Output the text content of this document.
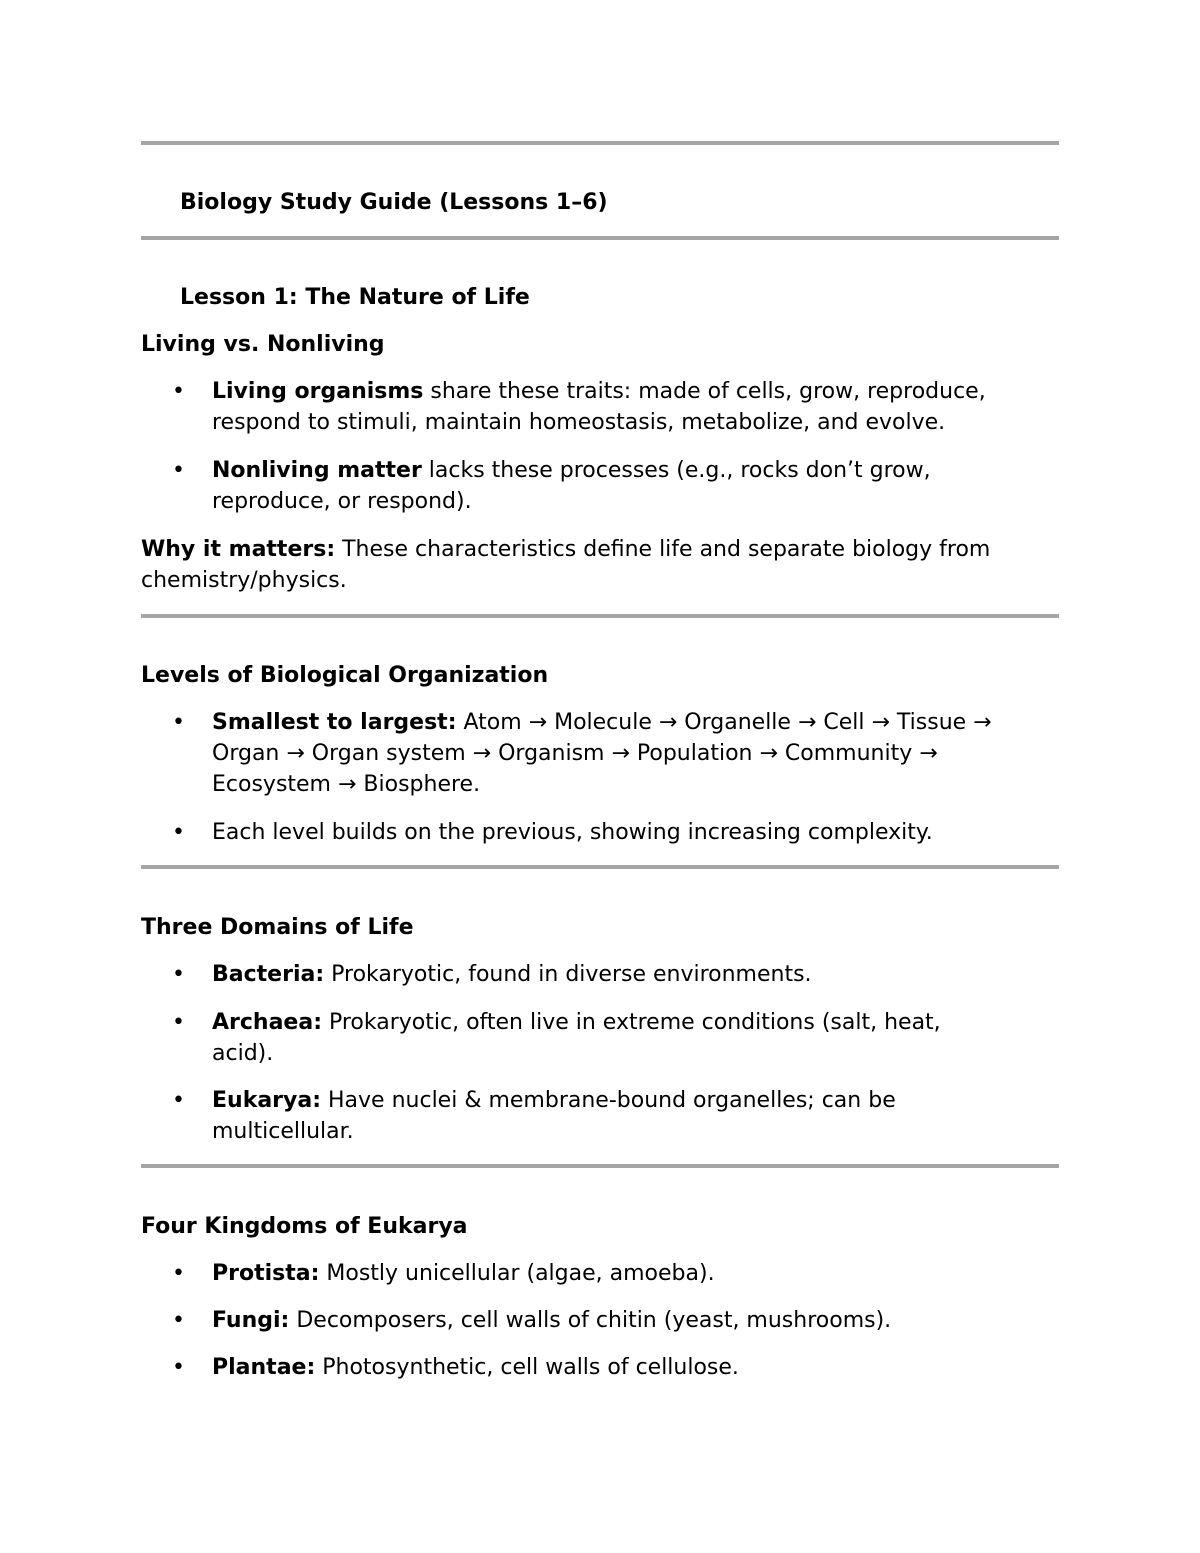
Biology Study Guide (Lessons 1–6)
Lesson 1: The Nature of Life
Living vs. Nonliving
• Living organisms share these traits: made of cells, grow, reproduce,
respond to stimuli, maintain homeostasis, metabolize, and evolve.
• Nonliving matter lacks these processes (e.g., rocks don’t grow,
reproduce, or respond).
Why it matters: These characteristics define life and separate biology from
chemistry/physics.
Levels of Biological Organization
• Smallest to largest: Atom → Molecule → Organelle → Cell → Tissue →
Organ → Organ system → Organism → Population → Community →
Ecosystem → Biosphere.
• Each level builds on the previous, showing increasing complexity.
Three Domains of Life
• Bacteria: Prokaryotic, found in diverse environments.
• Archaea: Prokaryotic, often live in extreme conditions (salt, heat,
acid).
• Eukarya: Have nuclei & membrane-bound organelles; can be
multicellular.
Four Kingdoms of Eukarya
• Protista: Mostly unicellular (algae, amoeba).
• Fungi: Decomposers, cell walls of chitin (yeast, mushrooms).
• Plantae: Photosynthetic, cell walls of cellulose.
